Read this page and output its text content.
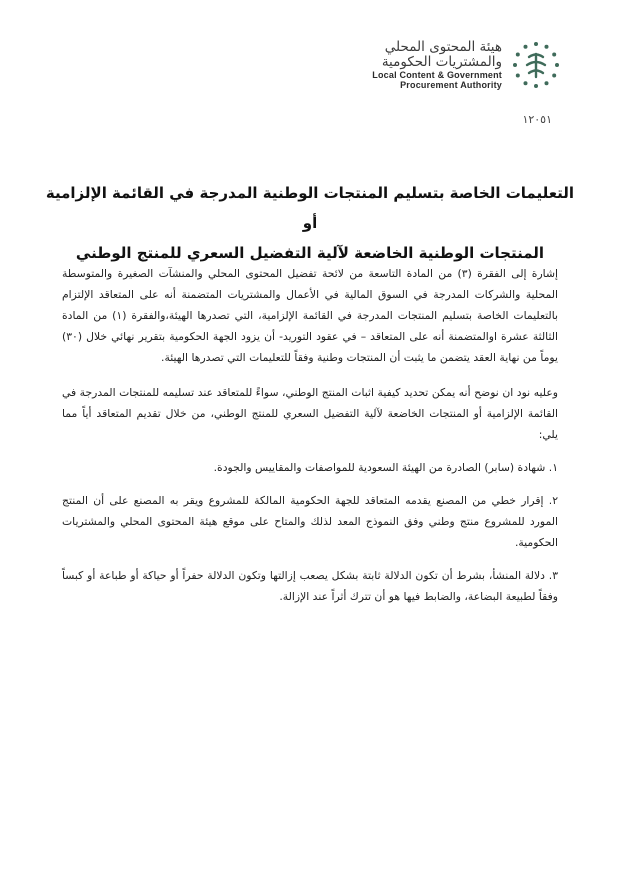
هيئة المحتوى المحلي
والمشتريات الحكومية
Local Content & Government
Procurement Authority
١٢٠٥١
التعليمات الخاصة بتسليم المنتجات الوطنية المدرجة في القائمة الإلزامية أو
المنتجات الوطنية الخاضعة لآلية التفضيل السعري للمنتج الوطني

إشارة إلى الفقرة (٣) من المادة التاسعة من لائحة تفضيل المحتوى المحلي والمنشآت الصغيرة والمتوسطة المحلية والشركات المدرجة في السوق المالية في الأعمال والمشتريات المتضمنة أنه على المتعاقد الإلتزام بالتعليمات الخاصة بتسليم المنتجات المدرجة في القائمة الإلزامية، التي تصدرها الهيئة،والفقرة (١) من المادة الثالثة عشرة اوالمتضمنة أنه على المتعاقد – في عقود التوريد- أن يزود الجهة الحكومية بتقرير نهائي خلال (٣٠) يوماً من نهاية العقد يتضمن ما يثبت أن المنتجات وطنية وفقاً للتعليمات التي تصدرها الهيئة.

وعليه نود ان نوضح أنه يمكن تحديد كيفية اثبات المنتج الوطني، سواءً للمتعاقد عند تسليمه للمنتجات المدرجة في القائمة الإلزامية أو المنتجات الخاضعة لآلية التفضيل السعري للمنتج الوطني، من خلال تقديم المتعاقد أياً مما يلي:

١. شهادة (سابر) الصادرة من الهيئة السعودية للمواصفات والمقاييس والجودة.

٢. إقرار خطي من المصنع يقدمه المتعاقد للجهة الحكومية المالكة للمشروع ويقر به المصنع على أن المنتج المورد للمشروع منتج وطني وفق النموذج المعد لذلك والمتاح على موقع هيئة المحتوى المحلي والمشتريات الحكومية.

٣. دلالة المنشأ، بشرط أن تكون الدلالة ثابتة بشكل يصعب إزالتها وتكون الدلالة حفراً أو حياكة أو طباعة أو كبساً وفقاً لطبيعة البضاعة، والضابط فيها هو أن تترك أثراً عند الإزالة.
